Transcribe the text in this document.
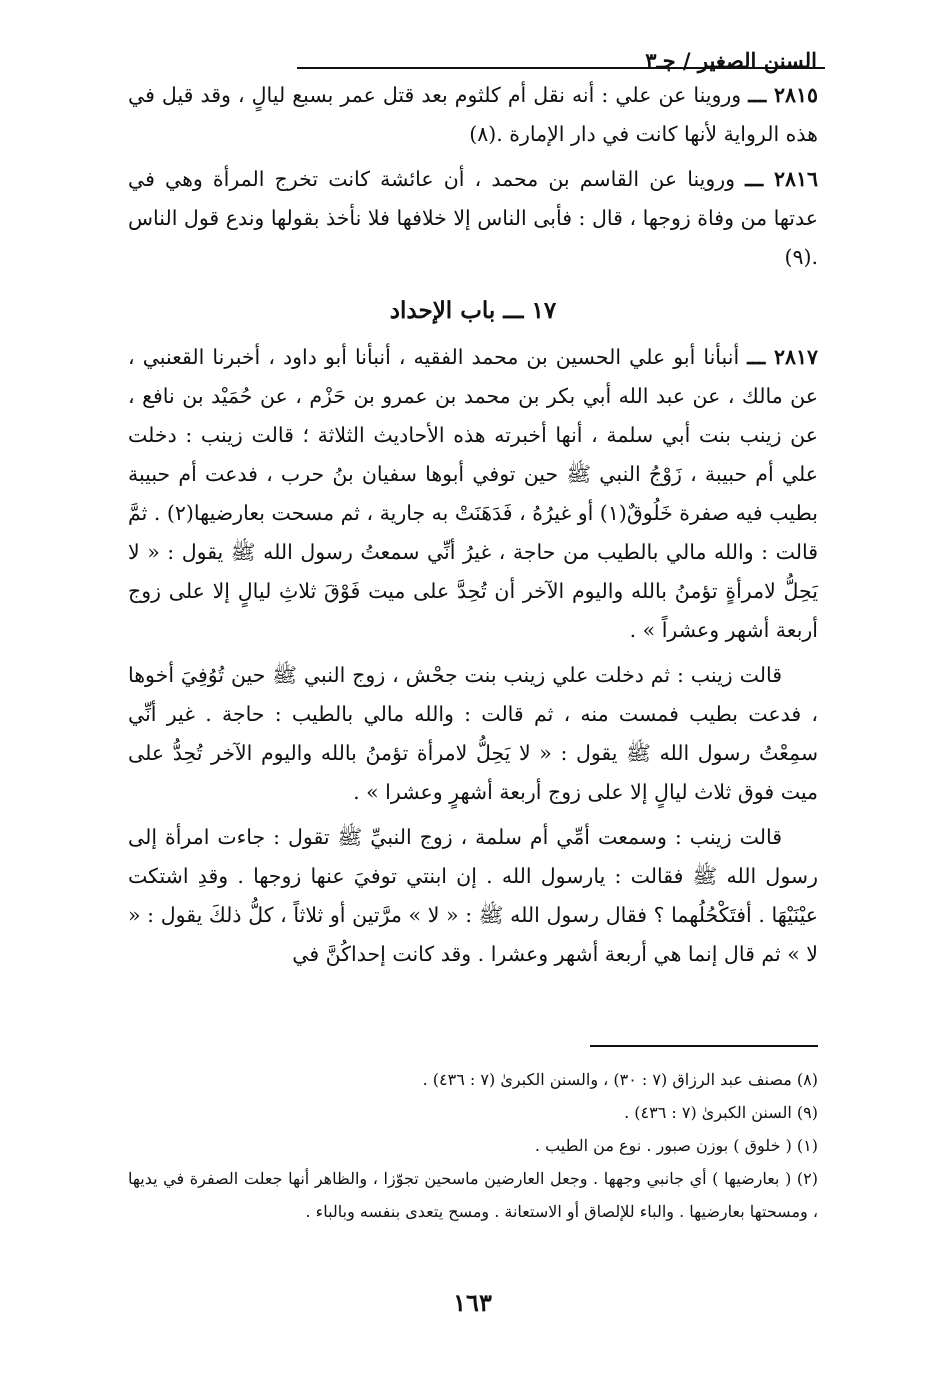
السنن الصغير / جـ٣

٢٨١٥ ـــ وروينا عن علي : أنه نقل أم كلثوم بعد قتل عمر بسبع ليالٍ ، وقد قيل في هذه الرواية لأنها كانت في دار الإمارة .(٨)

٢٨١٦ ـــ وروينا عن القاسم بن محمد ، أن عائشة كانت تخرج المرأة وهي في عدتها من وفاة زوجها ، قال : فأبى الناس إلا خلافها فلا نأخذ بقولها وندع قول الناس .(٩)

١٧ ـــ باب الإحداد

٢٨١٧ ـــ أنبأنا أبو علي الحسين بن محمد الفقيه ، أنبأنا أبو داود ، أخبرنا القعنبي ، عن مالك ، عن عبد الله أبي بكر بن محمد بن عمرو بن حَزْم ، عن حُمَيْد بن نافع ، عن زينب بنت أبي سلمة ، أنها أخبرته هذه الأحاديث الثلاثة ؛ قالت زينب : دخلت علي أم حبيبة ، زَوْجُ النبي ﷺ حين توفي أبوها سفيان بنُ حرب ، فدعت أم حبيبة بطيب فيه صفرة خَلُوقٌ(١) أو غيرُهُ ، فَدَهَنَتْ به جارية ، ثم مسحت بعارضيها(٢) . ثمَّ قالت : والله مالي بالطيب من حاجة ، غيرُ أنِّي سمعتُ رسول الله ﷺ يقول : « لا يَحِلُّ لامرأةٍ تؤمنُ بالله واليوم الآخر أن تُحِدَّ على ميت فَوْقَ ثلاثِ ليالٍ إلا على زوج أربعة أشهر وعشراً » .

قالت زينب : ثم دخلت علي زينب بنت جحْش ، زوج النبي ﷺ حين تُوُفِيَ أخوها ، فدعت بطيب فمست منه ، ثم قالت : والله مالي بالطيب : حاجة . غير أنِّي سمِعْتُ رسول الله ﷺ يقول : « لا يَحِلُّ لامرأة تؤمنُ بالله واليوم الآخر تُحِدُّ على ميت فوق ثلاث ليالٍ إلا على زوج أربعة أشهرٍ وعشرا » .

قالت زينب : وسمعت أمِّي أم سلمة ، زوج النبيِّ ﷺ تقول : جاءت امرأة إلى رسول الله ﷺ فقالت : يارسول الله . إن ابنتي توفيَ عنها زوجها . وقدِ اشتكت عيْنَيْهَا . أفتَكْحُلُهما ؟ فقال رسول الله ﷺ : « لا » مرَّتين أو ثلاثاً ، كلُّ ذلكَ يقول : « لا » ثم قال إنما هي أربعة أشهر وعشرا . وقد كانت إحداكُنَّ في

(٨) مصنف عبد الرزاق (٧ : ٣٠) ، والسنن الكبرىٰ (٧ : ٤٣٦) .

(٩) السنن الكبرىٰ (٧ : ٤٣٦) .

(١) ( خلوق ) بوزن صبور . نوع من الطيب .

(٢) ( بعارضيها ) أي جانبي وجهها . وجعل العارضين ماسحين تجوّزا ، والظاهر أنها جعلت الصفرة في يديها ، ومسحتها بعارضيها . والباء للإلصاق أو الاستعانة . ومسح يتعدى بنفسه وبالباء .

١٦٣
